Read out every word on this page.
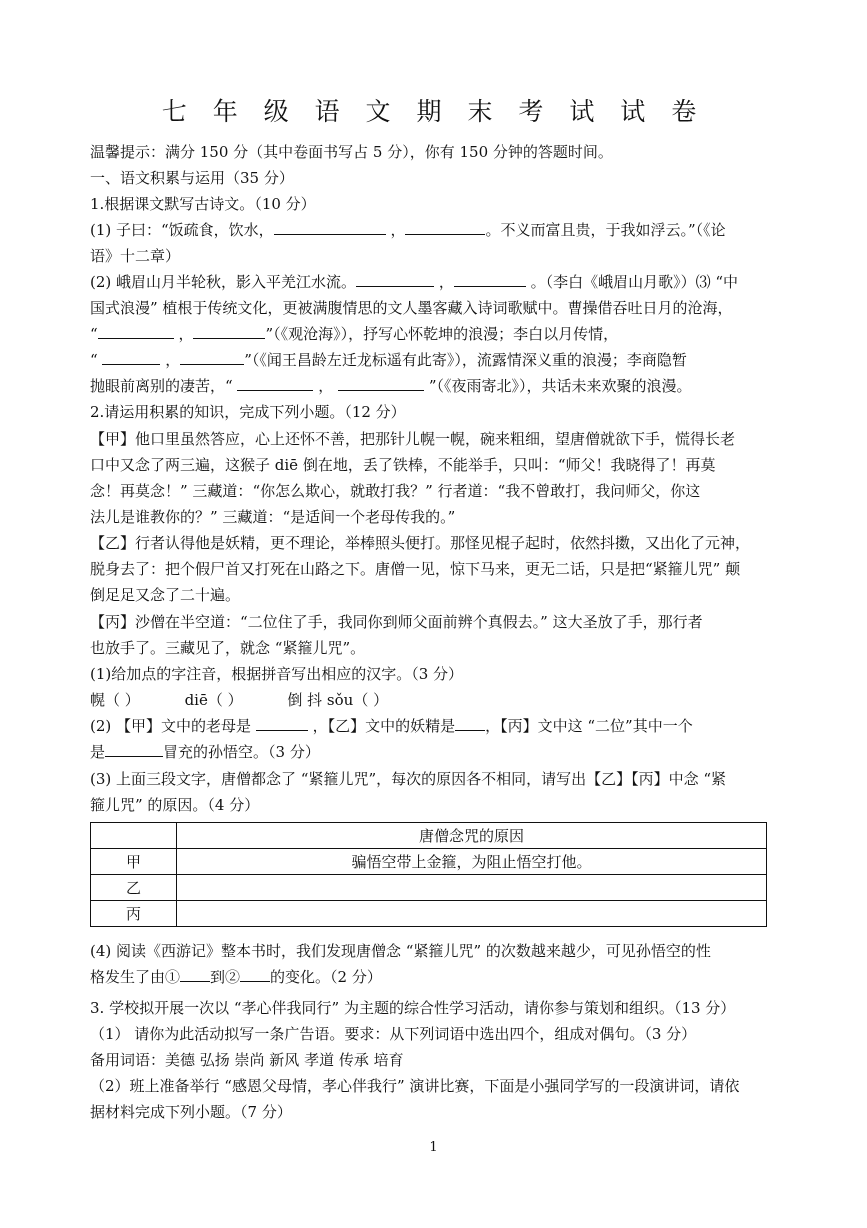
七 年 级 语 文 期 末 考 试 试 卷
温馨提示：满分 150 分（其中卷面书写占 5 分），你有 150 分钟的答题时间。
一、语文积累与运用（35 分）
1.根据课文默写古诗文。（10 分）
(1) 子曰：“饭疏食，饮水，	，	。不义而富且贵，于我如浮云。”（《论
语》十二章）
(2) 峨眉山月半轮秋，影入平羌江水流。	，	。（李白《峨眉山月歌》）⑶ “中
国式浪漫” 植根于传统文化，更被满腹情思的文人墨客藏入诗词歌赋中。曹操借吞吐日月的沧海，
“	，	”（《观沧海》），抒写心怀乾坤的浪漫；李白以月传情，
“	，	”（《闻王昌龄左迁龙标遥有此寄》），流露情深义重的浪漫；李商隐暂
抛眼前离别的凄苦，“	，	”（《夜雨寄北》），共话未来欢聚的浪漫。
2.请运用积累的知识，完成下列小题。（12 分）
【甲】他口里虽然答应，心上还怀不善，把那针儿幌一幌，碗来粗细，望唐僧就欲下手，慌得长老
口中又念了两三遍，这猴子 diē 倒在地，丢了铁棒，不能举手，只叫：“师父！我晓得了！再莫
念！再莫念！” 三藏道：“你怎么欺心，就敢打我？” 行者道：“我不曾敢打，我问师父，你这
法儿是谁教你的？” 三藏道：“是适间一个老母传我的。”
【乙】行者认得他是妖精，更不理论，举棒照头便打。那怪见棍子起时，依然抖擞，又出化了元神，
脱身去了：把个假尸首又打死在山路之下。唐僧一见，惊下马来，更无二话，只是把“紧箍儿咒” 颠
倒足足又念了二十遍。
【丙】沙僧在半空道：“二位住了手，我同你到师父面前辨个真假去。” 这大圣放了手，那行者
也放手了。三藏见了，就念 “紧箍儿咒”。
(1)给加点的字注音，根据拼音写出相应的汉字。（3 分）
幌（ ）	diē（ ）	倒 抖 sǒu（ ）
(2) 【甲】文中的老母是	，【乙】文中的妖精是 ，【丙】文中这 “二位”其中一个
是	冒充的孙悟空。（3 分）
(3) 上面三段文字，唐僧都念了 “紧箍儿咒”，每次的原因各不相同，请写出【乙】【丙】中念 “紧
箍儿咒” 的原因。（4 分）
	唐僧念咒的原因
甲	骗悟空带上金箍，为阻止悟空打他。
乙	
丙	
(4) 阅读《西游记》整本书时，我们发现唐僧念 “紧箍儿咒” 的次数越来越少，可见孙悟空的性
格发生了由① 到② 的变化。（2 分）
3. 学校拟开展一次以 “孝心伴我同行” 为主题的综合性学习活动，请你参与策划和组织。（13 分）
（1） 请你为此活动拟写一条广告语。要求：从下列词语中选出四个，组成对偶句。（3 分）
备用词语：美德 弘扬 崇尚 新风 孝道 传承 培育
（2）班上准备举行 “感恩父母情，孝心伴我行” 演讲比赛，下面是小强同学写的一段演讲词，请依
据材料完成下列小题。（7 分）
1
